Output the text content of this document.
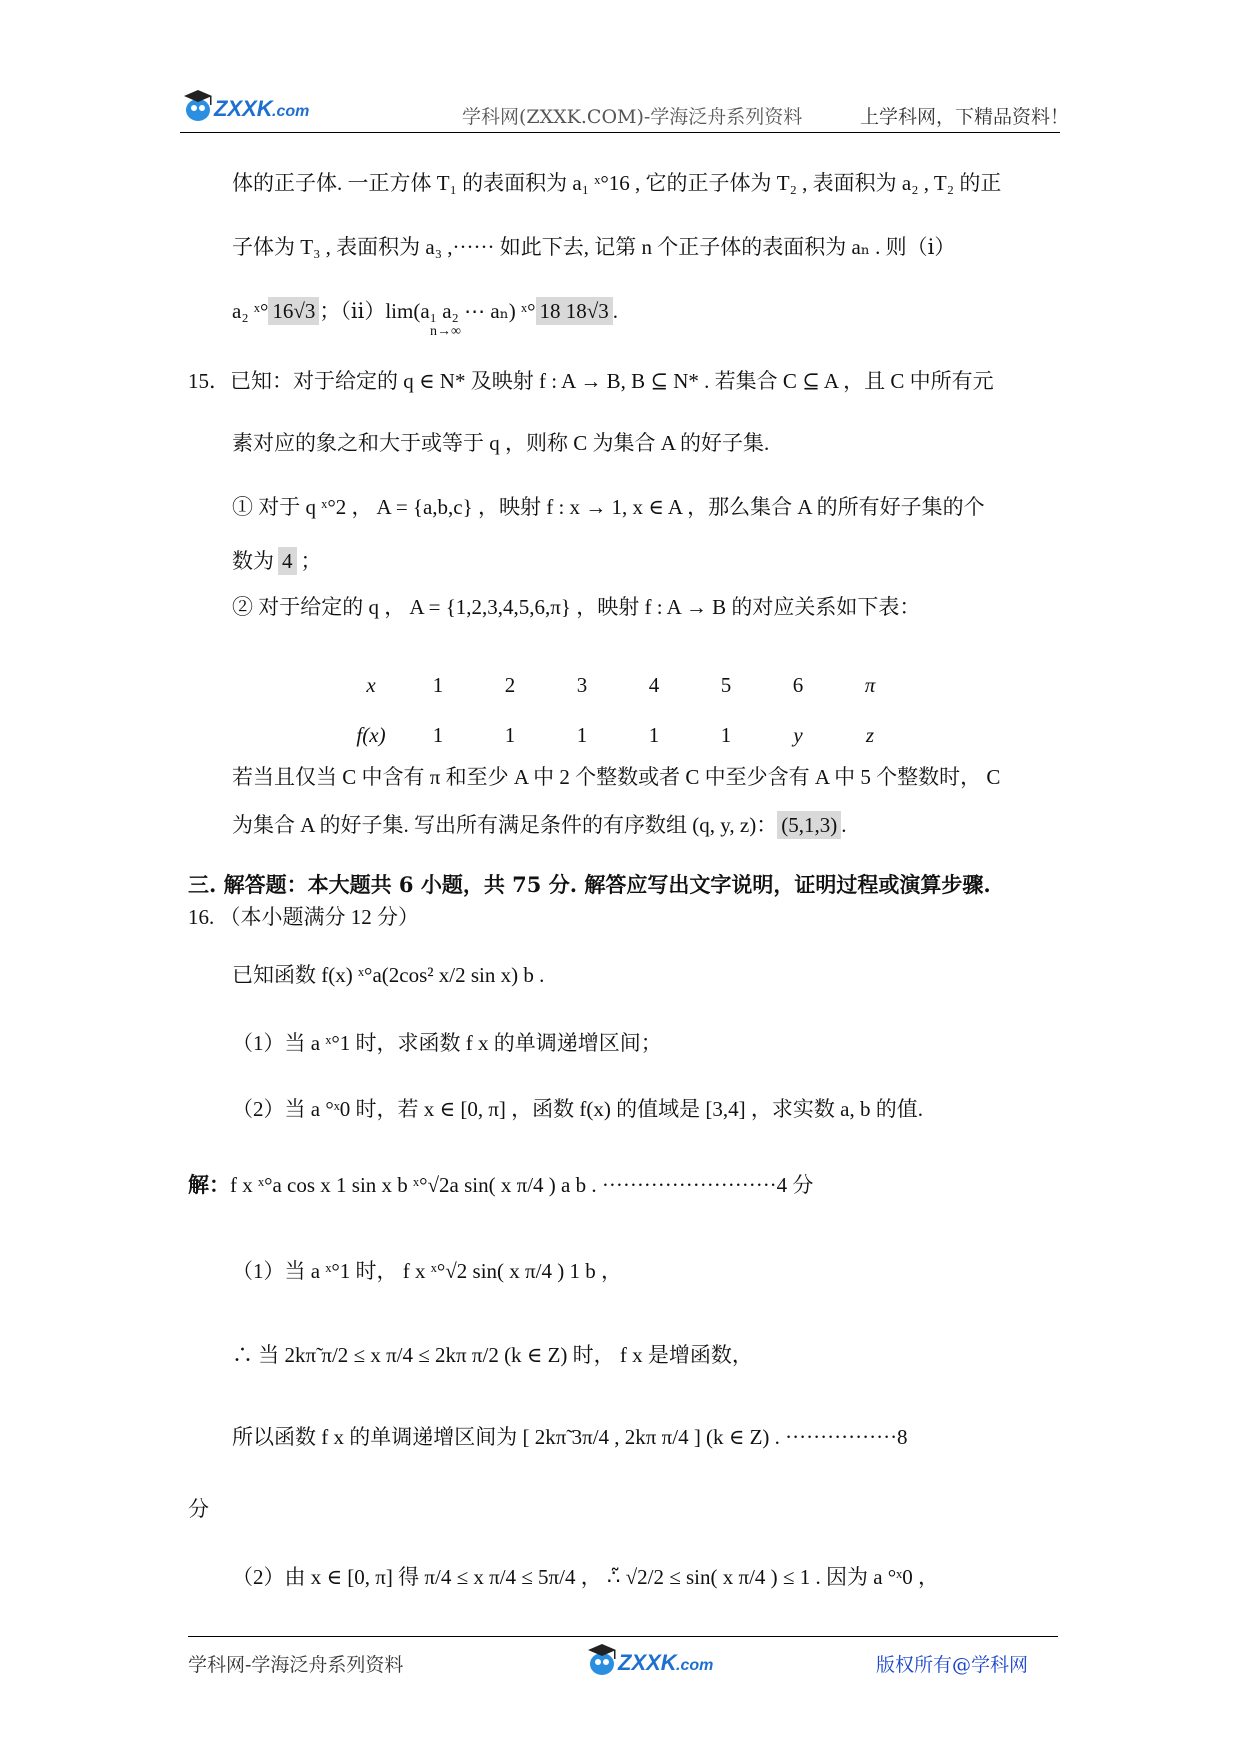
ZXXK .com	学科网(ZXXK.COM)-学海泛舟系列资料	上学科网，下精品资料！
体的正子体. 一正方体 T₁ 的表面积为 a₁ ˣ°16 , 它的正子体为 T₂ , 表面积为 a₂ , T₂ 的正
子体为 T₃ , 表面积为 a₃ ,······ 如此下去, 记第 n 个正子体的表面积为 aₙ . 则（ⅰ）
a₂ ˣ° 16√3 ；（ⅱ）lim(a₁ a₂ ⋯ aₙ) ˣ° 18 18√3 .
n→∞
15．已知：对于给定的 q ∈ N* 及映射 f : A → B, B ⊆ N* . 若集合 C ⊆ A ，且 C 中所有元
素对应的象之和大于或等于 q ，则称 C 为集合 A 的好子集.
① 对于 q ˣ°2 ， A = {a,b,c} ，映射 f : x → 1, x ∈ A ，那么集合 A 的所有好子集的个
数为 4 ；
② 对于给定的 q ， A = {1,2,3,4,5,6,π} ，映射 f : A → B 的对应关系如下表：
x	1	2	3	4	5	6	π
f(x)	1	1	1	1	1	y	z
若当且仅当 C 中含有 π 和至少 A 中 2 个整数或者 C 中至少含有 A 中 5 个整数时， C
为集合 A 的好子集. 写出所有满足条件的有序数组 (q, y, z)： (5,1,3) .
三. 解答题：本大题共 6 小题，共 75 分. 解答应写出文字说明，证明过程或演算步骤.
16. （本小题满分 12 分）
已知函数 f(x) ˣ°a(2cos² x/2 sin x) b .
（1）当 a ˣ°1 时，求函数 f x 的单调递增区间；
（2）当 a °ˣ0 时，若 x ∈ [0, π] ，函数 f(x) 的值域是 [3,4] ，求实数 a, b 的值.
解：f x ˣ°a cos x 1 sin x b ˣ°√2a sin( x π/4 ) a b . ·························4 分
（1）当 a ˣ°1 时， f x ˣ°√2 sin( x π/4 ) 1 b ，
∴ 当 2kπ̃ π/2 ≤ x π/4 ≤ 2kπ π/2 (k ∈ Z) 时， f x 是增函数，
所以函数 f x 的单调递增区间为 [ 2kπ̃ 3π/4 , 2kπ π/4 ] (k ∈ Z) . ················8
分
（2）由 x ∈ [0, π] 得 π/4 ≤ x π/4 ≤ 5π/4 ， ∴̃ √2/2 ≤ sin( x π/4 ) ≤ 1 . 因为 a °ˣ0 ，
学科网-学海泛舟系列资料	ZXXK .com	版权所有@学科网
